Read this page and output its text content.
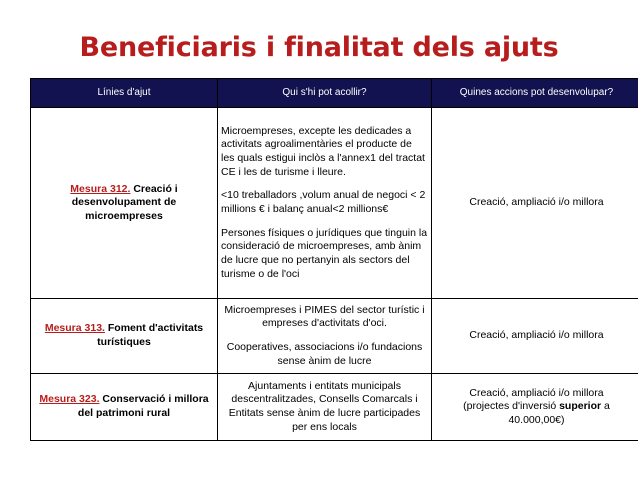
Beneficiaris i finalitat dels ajuts
Línies d'ajut	Qui s'hi pot acollir?	Quines accions pot desenvolupar?
Mesura 312. Creació i desenvolupament de microempreses	Microempreses, excepte les dedicades a activitats agroalimentàries el producte de les quals estigui inclòs a l'annex1 del tractat CE i les de turisme i lleure.

<10 treballadors ,volum anual de negoci < 2 millions € i balanç anual<2 millions€

Persones físiques o jurídiques que tinguin la consideració de microempreses, amb ànim de lucre que no pertanyin als sectors del turisme o de l'oci	Creació, ampliació i/o millora
Mesura 313. Foment d'activitats turístiques	Microempreses i PIMES del sector turístic i empreses d'activitats d'oci.

Cooperatives, associacions i/o fundacions sense ànim de lucre	Creació, ampliació i/o millora
Mesura 323. Conservació i millora del patrimoni rural	Ajuntaments i entitats municipals descentralitzades, Consells Comarcals i Entitats sense ànim de lucre participades per ens locals	Creació, ampliació i/o millora
(projectes d'inversió superior a 40.000,00€)
